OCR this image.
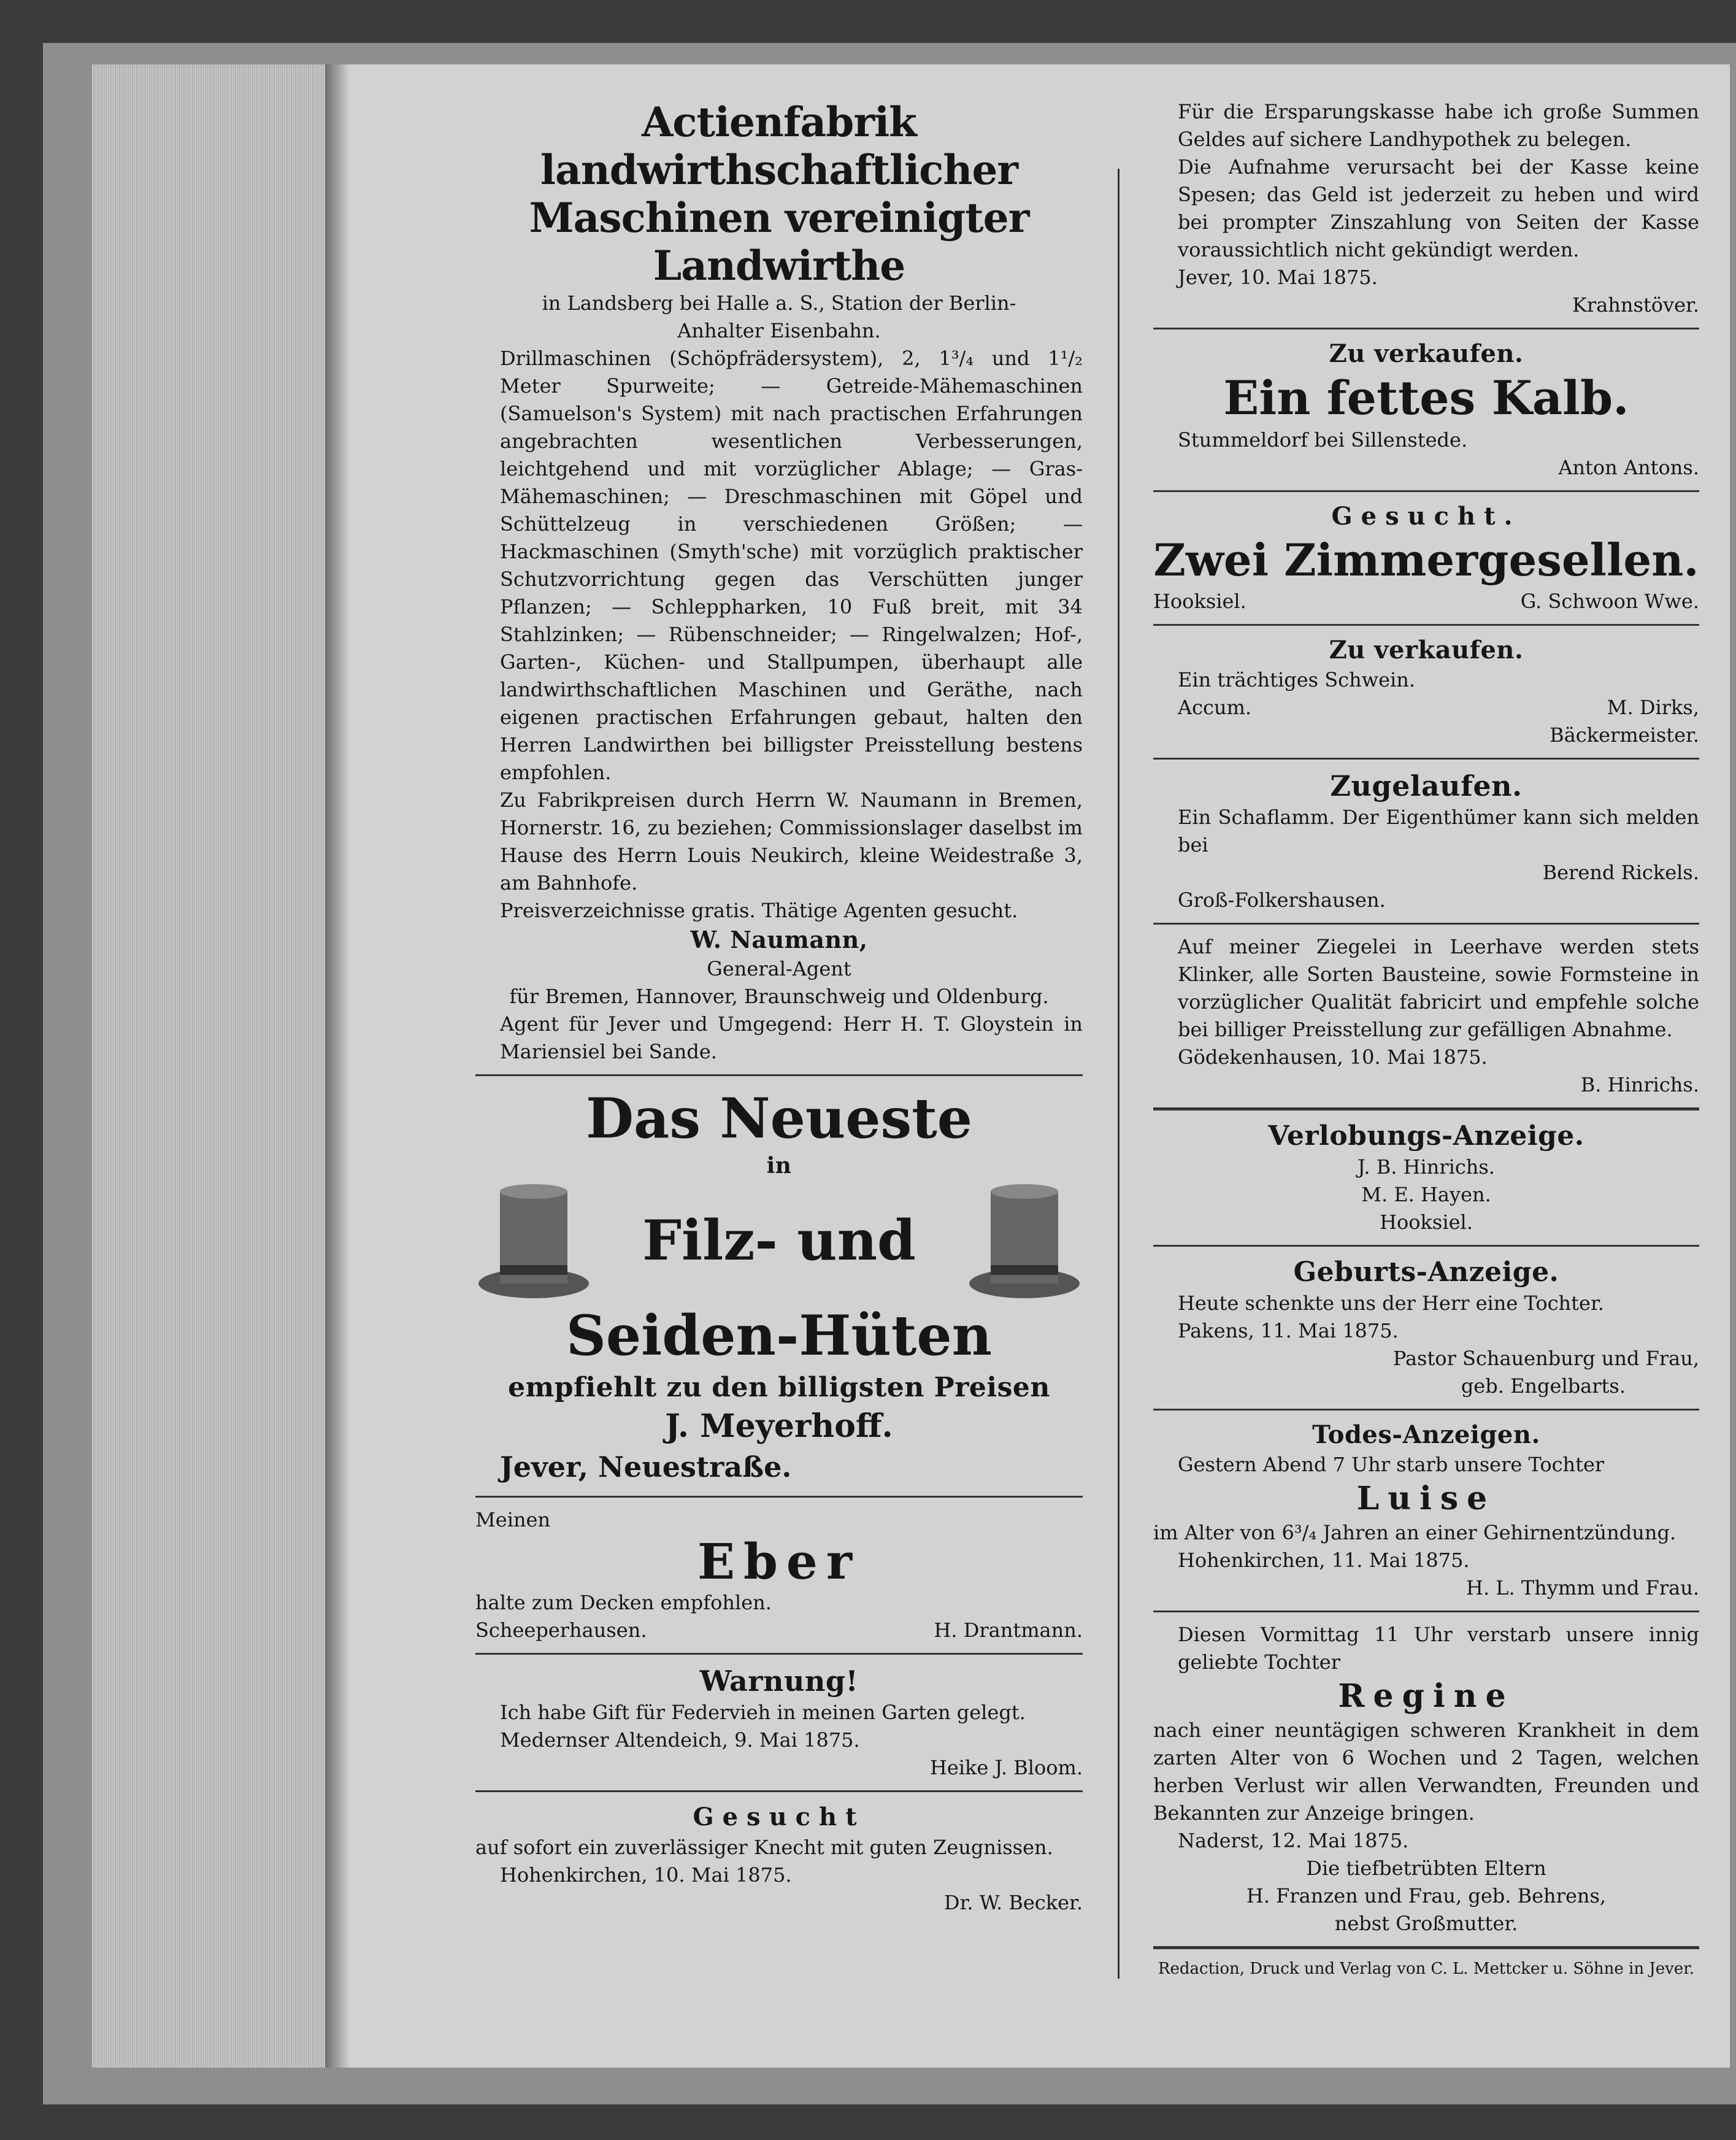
Actienfabrik landwirthschaftlicher
Maschinen vereinigter Landwirthe

in Landsberg bei Halle a. S., Station der Berlin-

Anhalter Eisenbahn.

Drillmaschinen (Schöpfrädersystem), 2, 1³/₄ und 1¹/₂ Meter Spurweite; — Getreide-Mähemaschinen (Samuelson's System) mit nach practischen Erfahrungen angebrachten wesentlichen Verbesserungen, leichtgehend und mit vorzüglicher Ablage; — Gras-Mähemaschinen; — Dreschmaschinen mit Göpel und Schüttelzeug in verschiedenen Größen; — Hackmaschinen (Smyth'sche) mit vorzüglich praktischer Schutzvorrichtung gegen das Verschütten junger Pflanzen; — Schleppharken, 10 Fuß breit, mit 34 Stahlzinken; — Rübenschneider; — Ringelwalzen; Hof-, Garten-, Küchen- und Stallpumpen, überhaupt alle landwirthschaftlichen Maschinen und Geräthe, nach eigenen practischen Erfahrungen gebaut, halten den Herren Landwirthen bei billigster Preisstellung bestens empfohlen.

Zu Fabrikpreisen durch Herrn W. Naumann in Bremen, Hornerstr. 16, zu beziehen; Commissionslager daselbst im Hause des Herrn Louis Neukirch, kleine Weidestraße 3, am Bahnhofe.

Preisverzeichnisse gratis. Thätige Agenten gesucht.

W. Naumann,

General-Agent

für Bremen, Hannover, Braunschweig und Oldenburg.

Agent für Jever und Umgegend: Herr H. T. Gloystein in Mariensiel bei Sande.

Das Neueste
in
Filz- und
Seiden-Hüten
empfiehlt zu den billigsten Preisen
J. Meyerhoff.
Jever, Neuestraße.

Meinen

Eber

halte zum Decken empfohlen.

Scheeperhausen.	H. Drantmann.
Warnung!

Ich habe Gift für Federvieh in meinen Garten gelegt.

Medernser Altendeich, 9. Mai 1875.

Heike J. Bloom.

Gesucht

auf sofort ein zuverlässiger Knecht mit guten Zeugnissen.

Hohenkirchen, 10. Mai 1875.

Dr. W. Becker.

Für die Ersparungskasse habe ich große Summen Geldes auf sichere Landhypothek zu belegen.

Die Aufnahme verursacht bei der Kasse keine Spesen; das Geld ist jederzeit zu heben und wird bei prompter Zinszahlung von Seiten der Kasse voraussichtlich nicht gekündigt werden.

Jever, 10. Mai 1875.

Krahnstöver.

Zu verkaufen.
Ein fettes Kalb.

Stummeldorf bei Sillenstede.

Anton Antons.

Gesucht.
Zwei Zimmergesellen.
Hooksiel.	G. Schwoon Wwe.
Zu verkaufen.

Ein trächtiges Schwein.

Accum.	M. Dirks,

Bäckermeister.

Zugelaufen.

Ein Schaflamm. Der Eigenthümer kann sich melden bei

Berend Rickels.

Groß-Folkershausen.

Auf meiner Ziegelei in Leerhave werden stets Klinker, alle Sorten Bausteine, sowie Formsteine in vorzüglicher Qualität fabricirt und empfehle solche bei billiger Preisstellung zur gefälligen Abnahme.

Gödekenhausen, 10. Mai 1875.

B. Hinrichs.

Verlobungs-Anzeige.

J. B. Hinrichs.

M. E. Hayen.

Hooksiel.

Geburts-Anzeige.

Heute schenkte uns der Herr eine Tochter.

Pakens, 11. Mai 1875.

Pastor Schauenburg und Frau,

geb. Engelbarts.

Todes-Anzeigen.

Gestern Abend 7 Uhr starb unsere Tochter

Luise

im Alter von 6³/₄ Jahren an einer Gehirnentzündung.

Hohenkirchen, 11. Mai 1875.

H. L. Thymm und Frau.

Diesen Vormittag 11 Uhr verstarb unsere innig geliebte Tochter

Regine

nach einer neuntägigen schweren Krankheit in dem zarten Alter von 6 Wochen und 2 Tagen, welchen herben Verlust wir allen Verwandten, Freunden und Bekannten zur Anzeige bringen.

Naderst, 12. Mai 1875.

Die tiefbetrübten Eltern

H. Franzen und Frau, geb. Behrens,

nebst Großmutter.

Redaction, Druck und Verlag von C. L. Mettcker u. Söhne in Jever.
